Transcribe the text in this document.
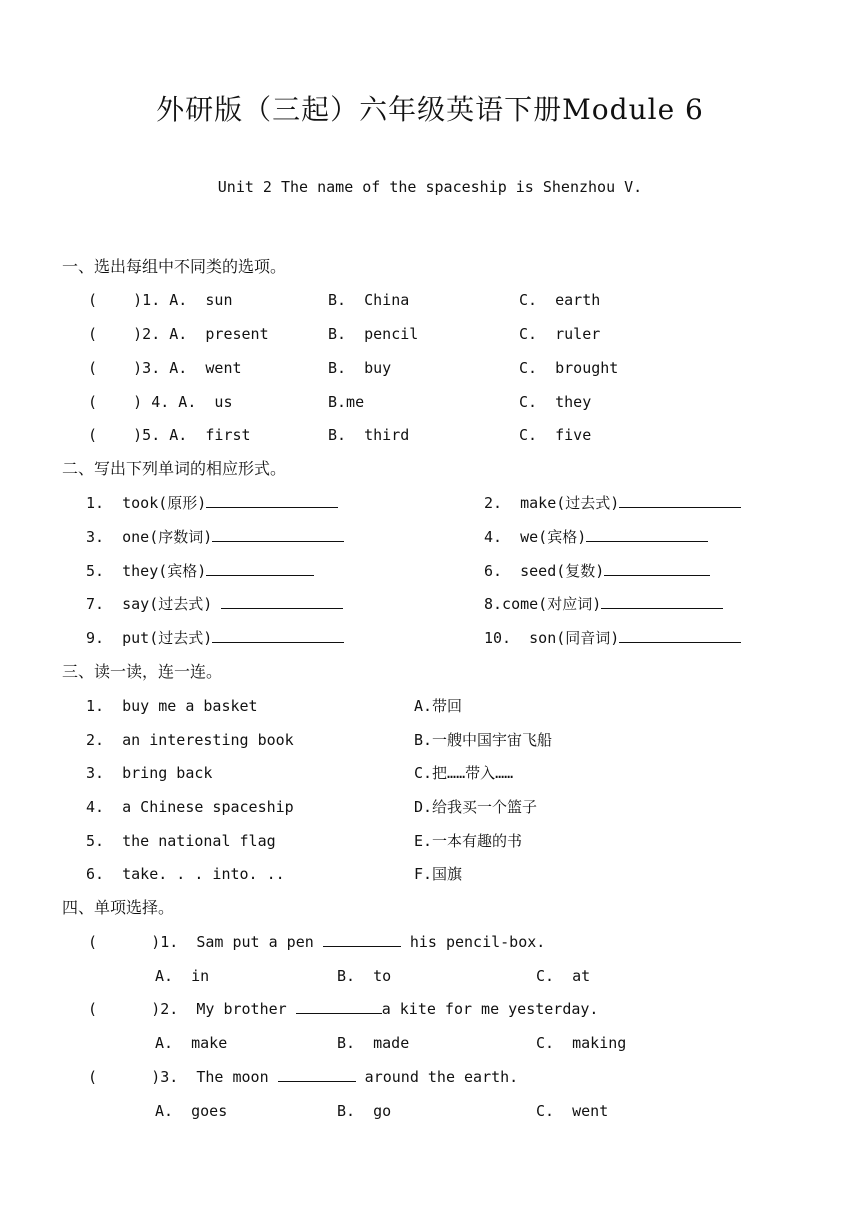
外研版（三起）六年级英语下册Module 6
Unit 2 The name of the spaceship is Shenzhou V.
一、选出每组中不同类的选项。
(    )1. A.  sun	B.  China	C.  earth
(    )2. A.  present	B.  pencil	C.  ruler
(    )3. A.  went	B.  buy	C.  brought
(    ) 4. A.  us	B.me	C.  they
(    )5. A.  first	B.  third	C.  five
二、写出下列单词的相应形式。
1.  took(原形)	2.  make(过去式)
3.  one(序数词)	4.  we(宾格)
5.  they(宾格)	6.  seed(复数)
7.  say(过去式)	8.come(对应词)
9.  put(过去式)	10.  son(同音词)
三、读一读，连一连。
1.  buy me a basket	A.带回
2.  an interesting book	B.一艘中国宇宙飞船
3.  bring back	C.把……带入……
4.  a Chinese spaceship	D.给我买一个篮子
5.  the national flag	E.一本有趣的书
6.  take. . . into. ..	F.国旗
四、单项选择。
(      )1.  Sam put a pen	his pencil-box.
A.  in	B.  to	C.  at
(      )2.  My brother	a kite for me yesterday.
A.  make	B.  made	C.  making
(      )3.  The moon	around the earth.
A.  goes	B.  go	C.  went
